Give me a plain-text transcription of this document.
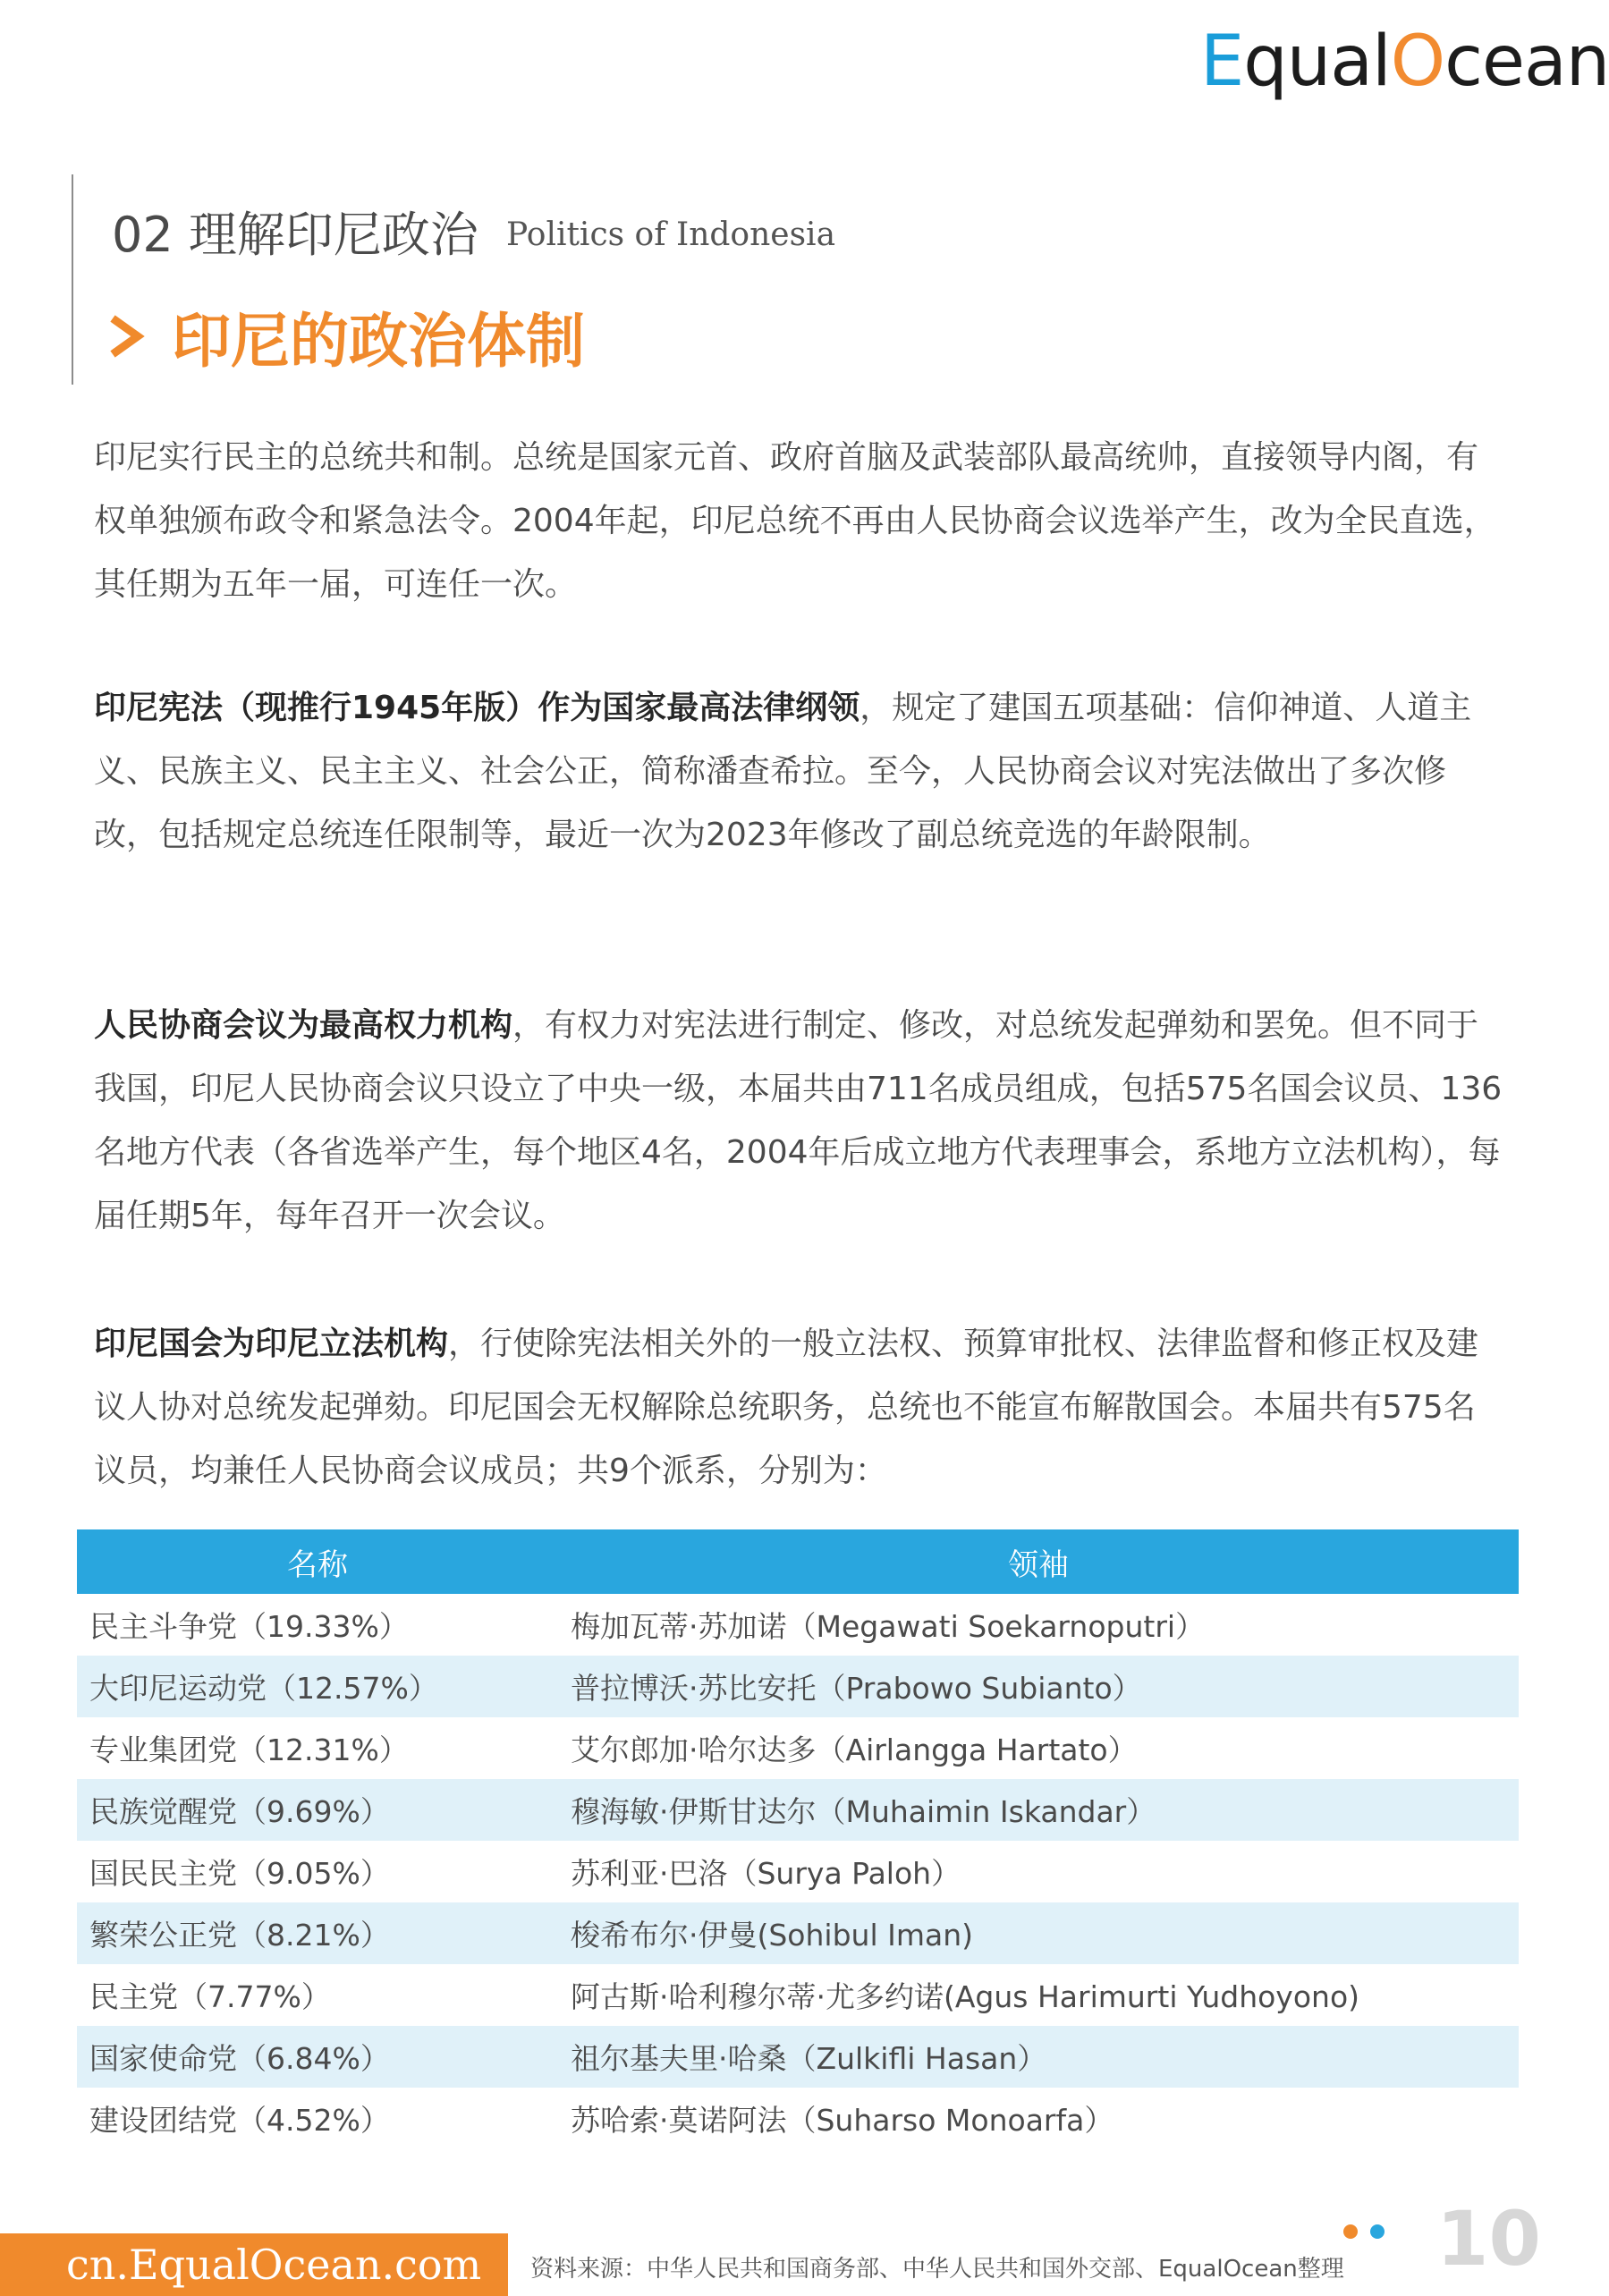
EqualOcean
02 理解印尼政治 Politics of Indonesia
印尼的政治体制
印尼实行民主的总统共和制。总统是国家元首、政府首脑及武装部队最高统帅，直接领导内阁，有权单独颁布政令和紧急法令。2004年起，印尼总统不再由人民协商会议选举产生，改为全民直选，其任期为五年一届，可连任一次。
印尼宪法（现推行1945年版）作为国家最高法律纲领，规定了建国五项基础：信仰神道、人道主义、民族主义、民主主义、社会公正，简称潘查希拉。至今，人民协商会议对宪法做出了多次修改，包括规定总统连任限制等，最近一次为2023年修改了副总统竞选的年龄限制。
人民协商会议为最高权力机构，有权力对宪法进行制定、修改，对总统发起弹劾和罢免。但不同于我国，印尼人民协商会议只设立了中央一级，本届共由711名成员组成，包括575名国会议员、136名地方代表（各省选举产生，每个地区4名，2004年后成立地方代表理事会，系地方立法机构），每届任期5年，每年召开一次会议。
印尼国会为印尼立法机构，行使除宪法相关外的一般立法权、预算审批权、法律监督和修正权及建议人协对总统发起弹劾。印尼国会无权解除总统职务，总统也不能宣布解散国会。本届共有575名议员，均兼任人民协商会议成员；共9个派系，分别为：
名称	领袖
民主斗争党（19.33%）	梅加瓦蒂·苏加诺（Megawati Soekarnoputri）
大印尼运动党（12.57%）	普拉博沃·苏比安托（Prabowo Subianto）
专业集团党（12.31%）	艾尔郎加·哈尔达多（Airlangga Hartato）
民族觉醒党（9.69%）	穆海敏·伊斯甘达尔（Muhaimin Iskandar）
国民民主党（9.05%）	苏利亚·巴洛（Surya Paloh）
繁荣公正党（8.21%）	梭希布尔·伊曼(Sohibul Iman)
民主党（7.77%）	阿古斯·哈利穆尔蒂·尤多约诺(Agus Harimurti Yudhoyono)
国家使命党（6.84%）	祖尔基夫里·哈桑（Zulkifli Hasan）
建设团结党（4.52%）	苏哈索·莫诺阿法（Suharso Monoarfa）
cn.EqualOcean.com	资料来源：中华人民共和国商务部、中华人民共和国外交部、EqualOcean整理 10
